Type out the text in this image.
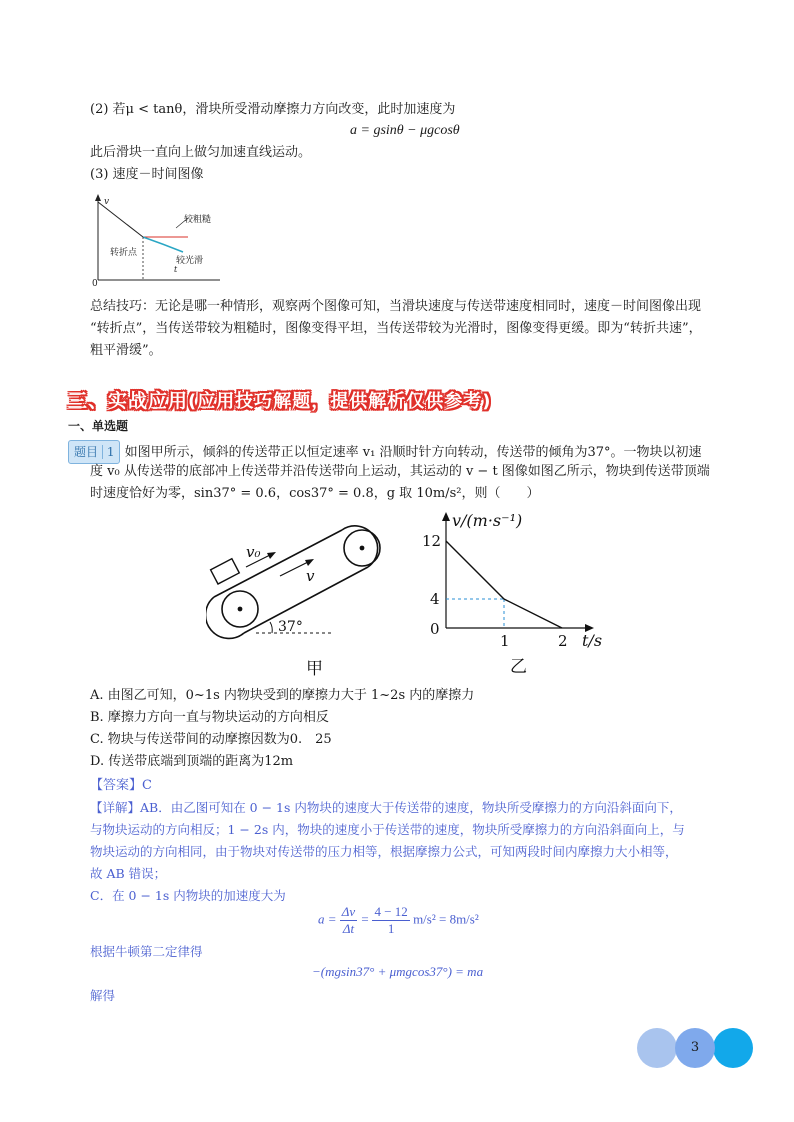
(2) 若μ < tanθ，滑块所受滑动摩擦力方向改变，此时加速度为
a = gsinθ − μgcosθ
此后滑块一直向上做匀加速直线运动。
(3) 速度－时间图像
v
0
t
较粗糙
转折点
较光滑
总结技巧：无论是哪一种情形，观察两个图像可知，当滑块速度与传送带速度相同时，速度－时间图像出现
“转折点”，当传送带较为粗糙时，图像变得平坦，当传送带较为光滑时，图像变得更缓。即为“转折共速”，
粗平滑缓”。
三、实战应用(应用技巧解题，提供解析仅供参考)
一、单选题
题目 1 如图甲所示，倾斜的传送带正以恒定速率 v₁ 沿顺时针方向转动，传送带的倾角为37°。一物块以初速
度 v₀ 从传送带的底部冲上传送带并沿传送带向上运动，其运动的 v − t 图像如图乙所示，物块到传送带顶端
时速度恰好为零，sin37° = 0.6，cos37° = 0.8，g 取 10m/s²，则（　　）
v₀
v
37°
甲
v/(m·s⁻¹)
t/s
12
4
0
1	2
乙
A. 由图乙可知，0~1s 内物块受到的摩擦力大于 1~2s 内的摩擦力
B. 摩擦力方向一直与物块运动的方向相反
C. 物块与传送带间的动摩擦因数为0.　25
D. 传送带底端到顶端的距离为12m
【答案】C
【详解】AB．由乙图可知在 0 − 1s 内物块的速度大于传送带的速度，物块所受摩擦力的方向沿斜面向下，
与物块运动的方向相反；1 − 2s 内，物块的速度小于传送带的速度，物块所受摩擦力的方向沿斜面向上，与
物块运动的方向相同，由于物块对传送带的压力相等，根据摩擦力公式，可知两段时间内摩擦力大小相等，
故 AB 错误；
C．在 0 − 1s 内物块的加速度大为
$a = \frac{\Delta v}{\Delta t} = \frac{4 - 12}{1} m/s^2 = 8m/s^2$
根据牛顿第二定律得
−(mgsin37° + μmgcos37°) = ma
解得
3
